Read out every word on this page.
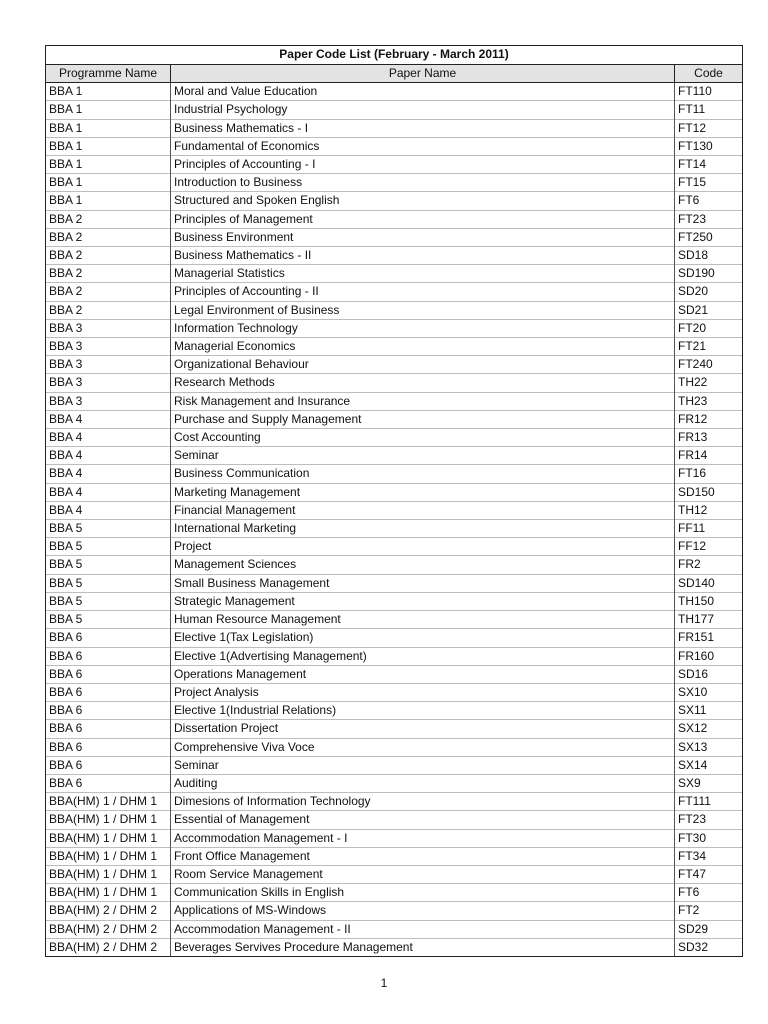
Paper Code List (February - March 2011)		
Programme Name	Paper Name	Code
BBA 1	Moral and Value Education	FT110
BBA 1	Industrial Psychology	FT11
BBA 1	Business Mathematics - I	FT12
BBA 1	Fundamental of Economics	FT130
BBA 1	Principles of Accounting - I	FT14
BBA 1	Introduction to Business	FT15
BBA 1	Structured and Spoken English	FT6
BBA 2	Principles of Management	FT23
BBA 2	Business Environment	FT250
BBA 2	Business Mathematics - II	SD18
BBA 2	Managerial Statistics	SD190
BBA 2	Principles of Accounting - II	SD20
BBA 2	Legal Environment of Business	SD21
BBA 3	Information Technology	FT20
BBA 3	Managerial Economics	FT21
BBA 3	Organizational Behaviour	FT240
BBA 3	Research Methods	TH22
BBA 3	Risk Management and Insurance	TH23
BBA 4	Purchase and Supply Management	FR12
BBA 4	Cost Accounting	FR13
BBA 4	Seminar	FR14
BBA 4	Business Communication	FT16
BBA 4	Marketing Management	SD150
BBA 4	Financial Management	TH12
BBA 5	International Marketing	FF11
BBA 5	Project	FF12
BBA 5	Management Sciences	FR2
BBA 5	Small Business Management	SD140
BBA 5	Strategic Management	TH150
BBA 5	Human Resource Management	TH177
BBA 6	Elective 1(Tax Legislation)	FR151
BBA 6	Elective 1(Advertising Management)	FR160
BBA 6	Operations Management	SD16
BBA 6	Project Analysis	SX10
BBA 6	Elective 1(Industrial Relations)	SX11
BBA 6	Dissertation Project	SX12
BBA 6	Comprehensive Viva Voce	SX13
BBA 6	Seminar	SX14
BBA 6	Auditing	SX9
BBA(HM) 1 / DHM 1	Dimesions of Information Technology	FT111
BBA(HM) 1 / DHM 1	Essential of Management	FT23
BBA(HM) 1 / DHM 1	Accommodation Management - I	FT30
BBA(HM) 1 / DHM 1	Front Office Management	FT34
BBA(HM) 1 / DHM 1	Room Service Management	FT47
BBA(HM) 1 / DHM 1	Communication Skills in English	FT6
BBA(HM) 2 / DHM 2	Applications of MS-Windows	FT2
BBA(HM) 2 / DHM 2	Accommodation Management - II	SD29
BBA(HM) 2 / DHM 2	Beverages Servives Procedure Management	SD32
1
